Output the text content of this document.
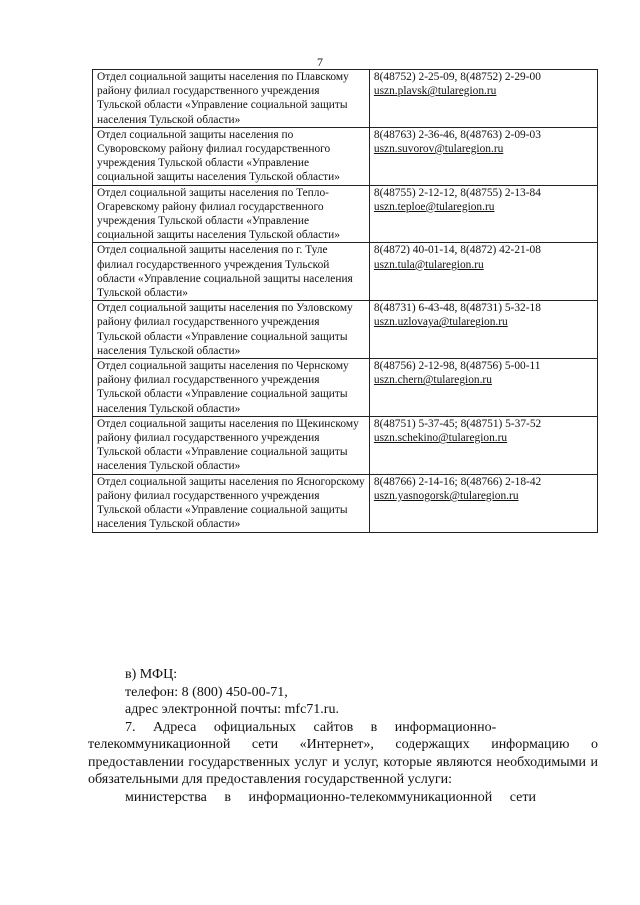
7
Отдел социальной защиты населения по Плавскому району филиал государственного учреждения Тульской области «Управление социальной защиты населения Тульской области»	8(48752) 2-25-09, 8(48752) 2-29-00
uszn.plavsk@tularegion.ru

Отдел социальной защиты населения по Суворовскому району филиал государственного учреждения Тульской области «Управление социальной защиты населения Тульской области»	8(48763) 2-36-46, 8(48763) 2-09-03
uszn.suvorov@tularegion.ru

Отдел социальной защиты населения по Тепло-Огаревскому району филиал государственного учреждения Тульской области «Управление социальной защиты населения Тульской области»	8(48755) 2-12-12, 8(48755) 2-13-84
uszn.teploe@tularegion.ru

Отдел социальной защиты населения по г. Туле филиал государственного учреждения Тульской области «Управление социальной защиты населения Тульской области»	8(4872) 40-01-14, 8(4872) 42-21-08
uszn.tula@tularegion.ru

Отдел социальной защиты населения по Узловскому району филиал государственного учреждения Тульской области «Управление социальной защиты населения Тульской области»	8(48731) 6-43-48, 8(48731) 5-32-18
uszn.uzlovaya@tularegion.ru

Отдел социальной защиты населения по Чернскому району филиал государственного учреждения Тульской области «Управление социальной защиты населения Тульской области»	8(48756) 2-12-98, 8(48756) 5-00-11
uszn.chern@tularegion.ru

Отдел социальной защиты населения по Щекинскому району филиал государственного учреждения Тульской области «Управление социальной защиты населения Тульской области»	8(48751) 5-37-45; 8(48751) 5-37-52
uszn.schekino@tularegion.ru

Отдел социальной защиты населения по Ясногорскому району филиал государственного учреждения Тульской области «Управление социальной защиты населения Тульской области»	8(48766) 2-14-16; 8(48766) 2-18-42
uszn.yasnogorsk@tularegion.ru

в) МФЦ:

телефон: 8 (800) 450-00-71,

адрес электронной почты: mfc71.ru.

7.     Адреса     официальных     сайтов     в     информационно-

телекоммуникационной сети «Интернет», содержащих информацию о предоставлении государственных услуг и услуг, которые являются необходимыми и обязательными для предоставления государственной услуги:

министерства     в     информационно-телекоммуникационной     сети
